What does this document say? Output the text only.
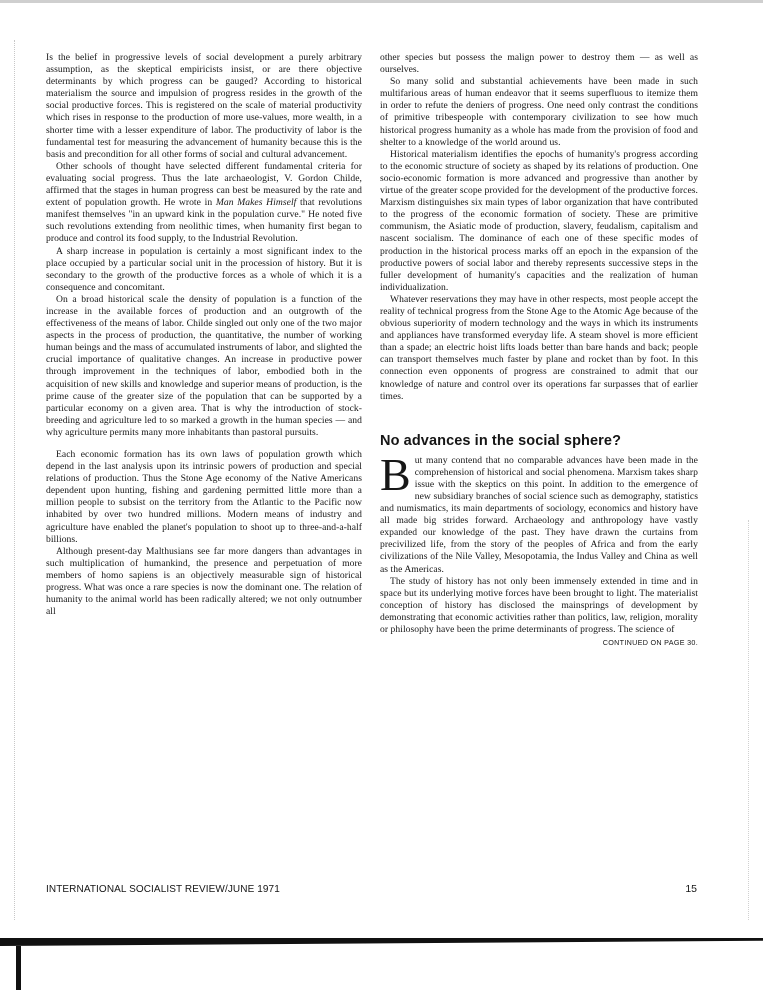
Is the belief in progressive levels of social development a purely arbitrary assumption, as the skeptical empiricists insist, or are there objective determinants by which progress can be gauged? According to historical materialism the source and impulsion of progress resides in the growth of the social productive forces. This is registered on the scale of material productivity which rises in response to the production of more use-values, more wealth, in a shorter time with a lesser expenditure of labor. The productivity of labor is the fundamental test for measuring the advancement of humanity because this is the basis and precondition for all other forms of social and cultural advancement.

Other schools of thought have selected different fundamental criteria for evaluating social progress. Thus the late archaeologist, V. Gordon Childe, affirmed that the stages in human progress can best be measured by the rate and extent of population growth. He wrote in Man Makes Himself that revolutions manifest themselves "in an upward kink in the population curve." He noted five such revolutions extending from neolithic times, when humanity first began to produce and control its food supply, to the Industrial Revolution.

A sharp increase in population is certainly a most significant index to the place occupied by a particular social unit in the procession of history. But it is secondary to the growth of the productive forces as a whole of which it is a consequence and concomitant.

On a broad historical scale the density of population is a function of the increase in the available forces of production and an outgrowth of the effectiveness of the means of labor. Childe singled out only one of the two major aspects in the process of production, the quantitative, the number of working human beings and the mass of accumulated instruments of labor, and slighted the crucial importance of qualitative changes. An increase in productive power through improvement in the techniques of labor, embodied both in the acquisition of new skills and knowledge and superior means of production, is the prime cause of the greater size of the population that can be supported by a particular economy on a given area. That is why the introduction of stock-breeding and agriculture led to so marked a growth in the human species — and why agriculture permits many more inhabitants than pastoral pursuits.

Each economic formation has its own laws of population growth which depend in the last analysis upon its intrinsic powers of production and special relations of production. Thus the Stone Age economy of the Native Americans dependent upon hunting, fishing and gardening permitted little more than a million people to subsist on the territory from the Atlantic to the Pacific now inhabited by over two hundred millions. Modern means of industry and agriculture have enabled the planet's population to shoot up to three-and-a-half billions.

Although present-day Malthusians see far more dangers than advantages in such multiplication of humankind, the presence and perpetuation of more members of homo sapiens is an objectively measurable sign of historical progress. What was once a rare species is now the dominant one. The relation of humanity to the animal world has been radically altered; we not only outnumber all

other species but possess the malign power to destroy them — as well as ourselves.

So many solid and substantial achievements have been made in such multifarious areas of human endeavor that it seems superfluous to itemize them in order to refute the deniers of progress. One need only contrast the conditions of primitive tribespeople with contemporary civilization to see how much historical progress humanity as a whole has made from the provision of food and shelter to a knowledge of the world around us.

Historical materialism identifies the epochs of humanity's progress according to the economic structure of society as shaped by its relations of production. One socio-economic formation is more advanced and progressive than another by virtue of the greater scope provided for the development of the productive forces. Marxism distinguishes six main types of labor organization that have contributed to the progress of the economic formation of society. These are primitive communism, the Asiatic mode of production, slavery, feudalism, capitalism and nascent socialism. The dominance of each one of these specific modes of production in the historical process marks off an epoch in the expansion of the productive powers of social labor and thereby represents successive steps in the fuller development of humanity's capacities and the realization of human individualization.

Whatever reservations they may have in other respects, most people accept the reality of technical progress from the Stone Age to the Atomic Age because of the obvious superiority of modern technology and the ways in which its instruments and appliances have transformed everyday life. A steam shovel is more efficient than a spade; an electric hoist lifts loads better than bare hands and back; people can transport themselves much faster by plane and rocket than by foot. In this connection even opponents of progress are constrained to admit that our knowledge of nature and control over its operations far surpasses that of earlier times.

No advances in the social sphere?

But many contend that no comparable advances have been made in the comprehension of historical and social phenomena. Marxism takes sharp issue with the skeptics on this point. In addition to the emergence of new subsidiary branches of social science such as demography, statistics and numismatics, its main departments of sociology, economics and history have all made big strides forward. Archaeology and anthropology have vastly expanded our knowledge of the past. They have drawn the curtains from precivilized life, from the story of the peoples of Africa and from the early civilizations of the Nile Valley, Mesopotamia, the Indus Valley and China as well as the Americas.

The study of history has not only been immensely extended in time and in space but its underlying motive forces have been brought to light. The materialist conception of history has disclosed the mainsprings of development by demonstrating that economic activities rather than politics, law, religion, morality or philosophy have been the prime determinants of progress. The science of

CONTINUED ON PAGE 30.
INTERNATIONAL SOCIALIST REVIEW/JUNE 1971	15
